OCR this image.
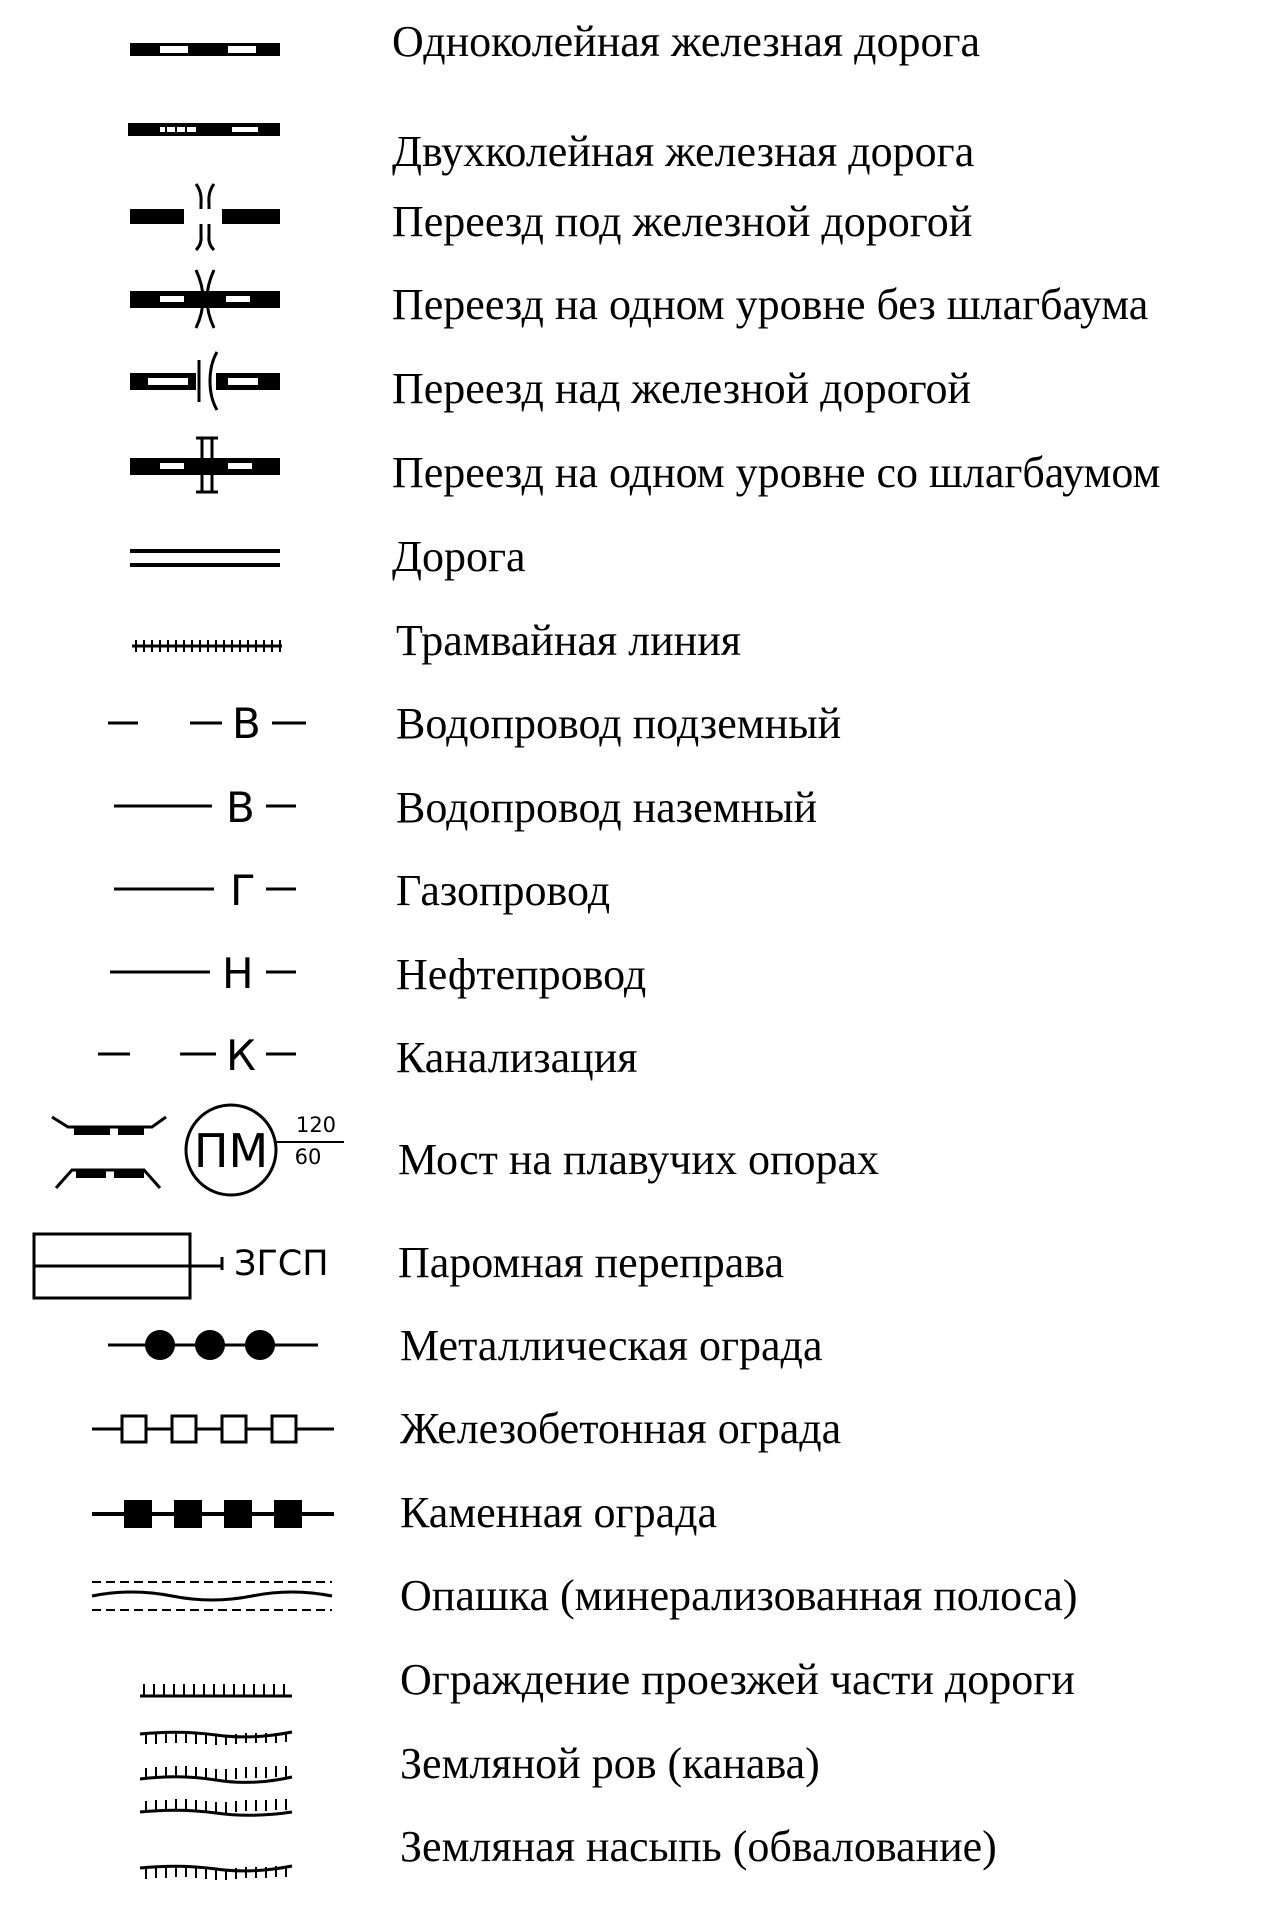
В
В
Г
Н
К
ПМ 120
60
ЗГСП
Одноколейная железная дорога
Двухколейная железная дорога
Переезд под железной дорогой
Переезд на одном уровне без шлагбаума
Переезд над железной дорогой
Переезд на одном уровне со шлагбаумом
Дорога
Трамвайная линия
Водопровод подземный
Водопровод наземный
Газопровод
Нефтепровод
Канализация
Мост на плавучих опорах
Паромная переправа
Металлическая ограда
Железобетонная ограда
Каменная ограда
Опашка (минерализованная полоса)
Ограждение проезжей части дороги
Земляной ров (канава)
Земляная насыпь (обвалование)
